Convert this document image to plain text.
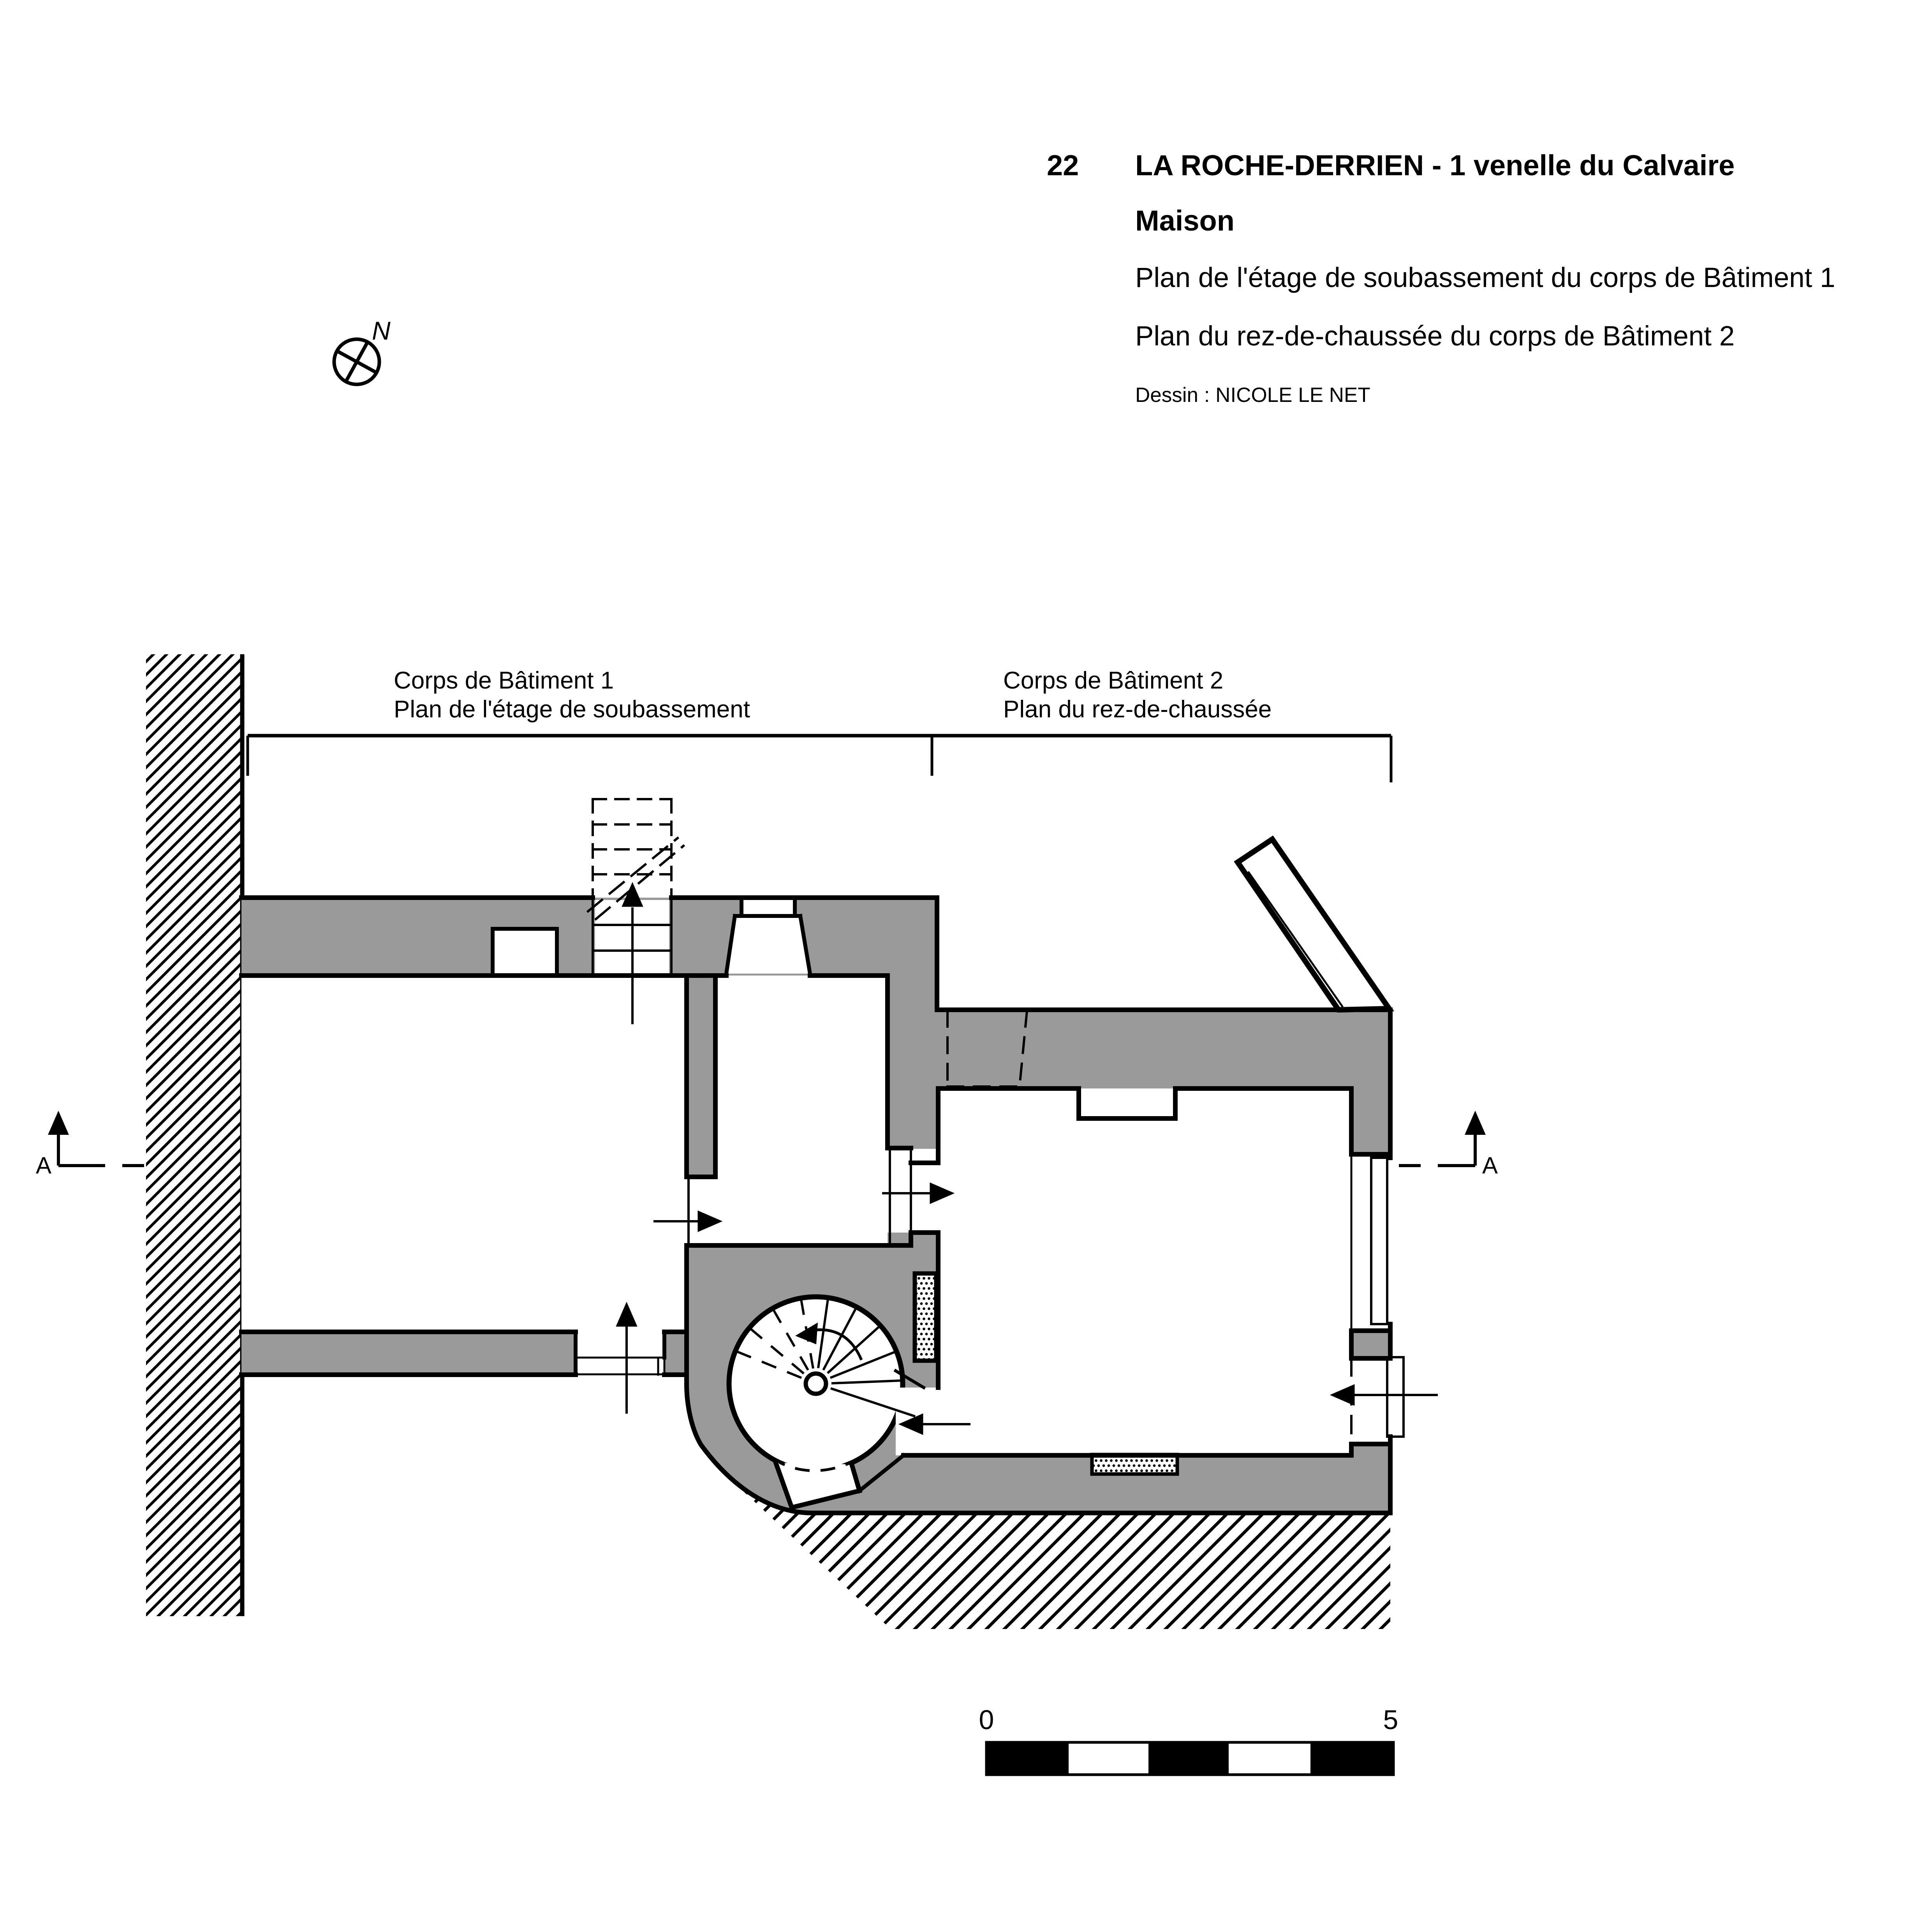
22 LA ROCHE-DERRIEN - 1 venelle du Calvaire
Maison
Plan de l'étage de soubassement du corps de Bâtiment 1
Plan du rez-de-chaussée du corps de Bâtiment 2
Dessin : NICOLE LE NET
N
Corps de Bâtiment 1
Plan de l'étage de soubassement
Corps de Bâtiment 2
Plan du rez-de-chaussée
A	A
0	5
